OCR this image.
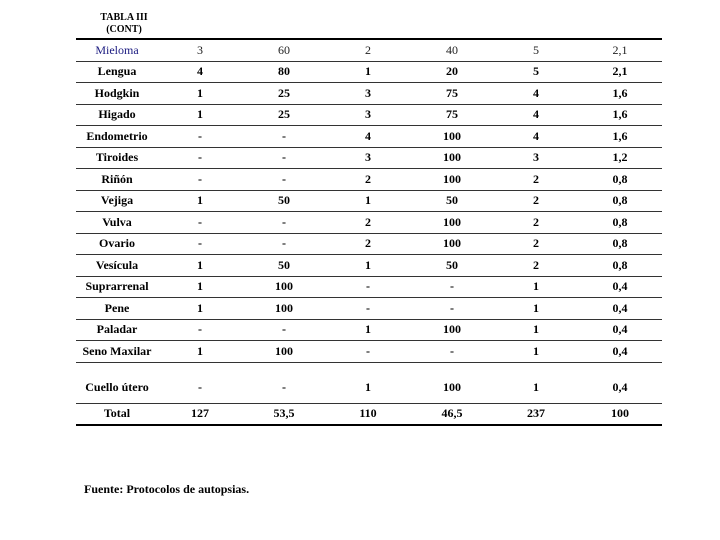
TABLA III
(CONT)
Mieloma	3	60	2	40	5	2,1
Lengua	4	80	1	20	5	2,1
Hodgkin	1	25	3	75	4	1,6
Higado	1	25	3	75	4	1,6
Endometrio	-	-	4	100	4	1,6
Tiroides	-	-	3	100	3	1,2
Riñón	-	-	2	100	2	0,8
Vejiga	1	50	1	50	2	0,8
Vulva	-	-	2	100	2	0,8
Ovario	-	-	2	100	2	0,8
Vesícula	1	50	1	50	2	0,8
Suprarrenal	1	100	-	-	1	0,4
Pene	1	100	-	-	1	0,4
Paladar	-	-	1	100	1	0,4
Seno Maxilar	1	100	-	-	1	0,4
Cuello útero	-	-	1	100	1	0,4
Total	127	53,5	110	46,5	237	100
Fuente: Protocolos de autopsias.
